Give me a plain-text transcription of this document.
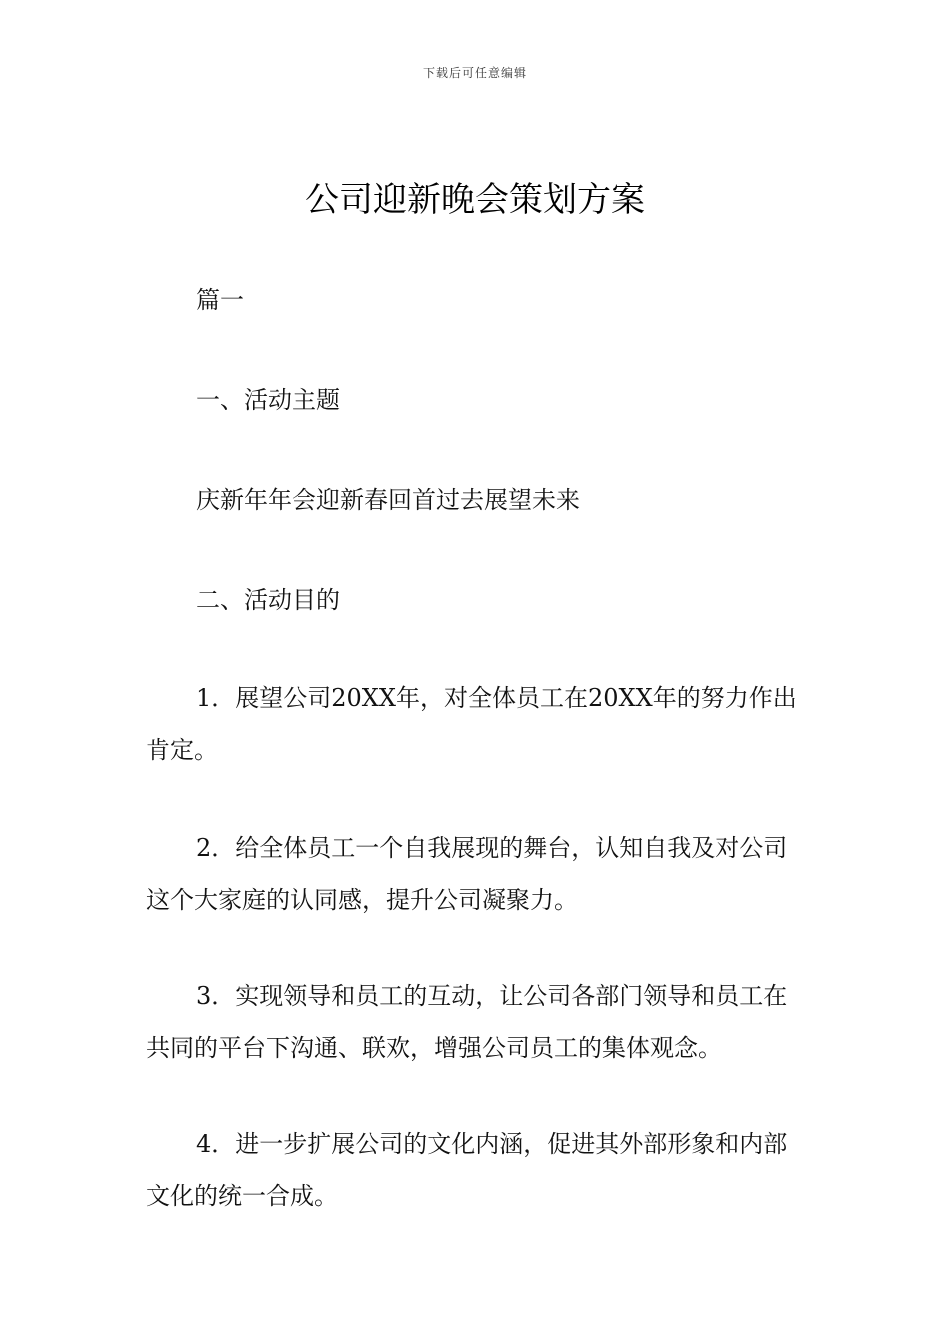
下载后可任意编辑
公司迎新晚会策划方案

篇一

一、活动主题

庆新年年会迎新春回首过去展望未来

二、活动目的

1．展望公司20XX年，对全体员工在20XX年的努力作出肯定。

2．给全体员工一个自我展现的舞台，认知自我及对公司这个大家庭的认同感，提升公司凝聚力。

3．实现领导和员工的互动，让公司各部门领导和员工在共同的平台下沟通、联欢，增强公司员工的集体观念。

4．进一步扩展公司的文化内涵，促进其外部形象和内部文化的统一合成。
